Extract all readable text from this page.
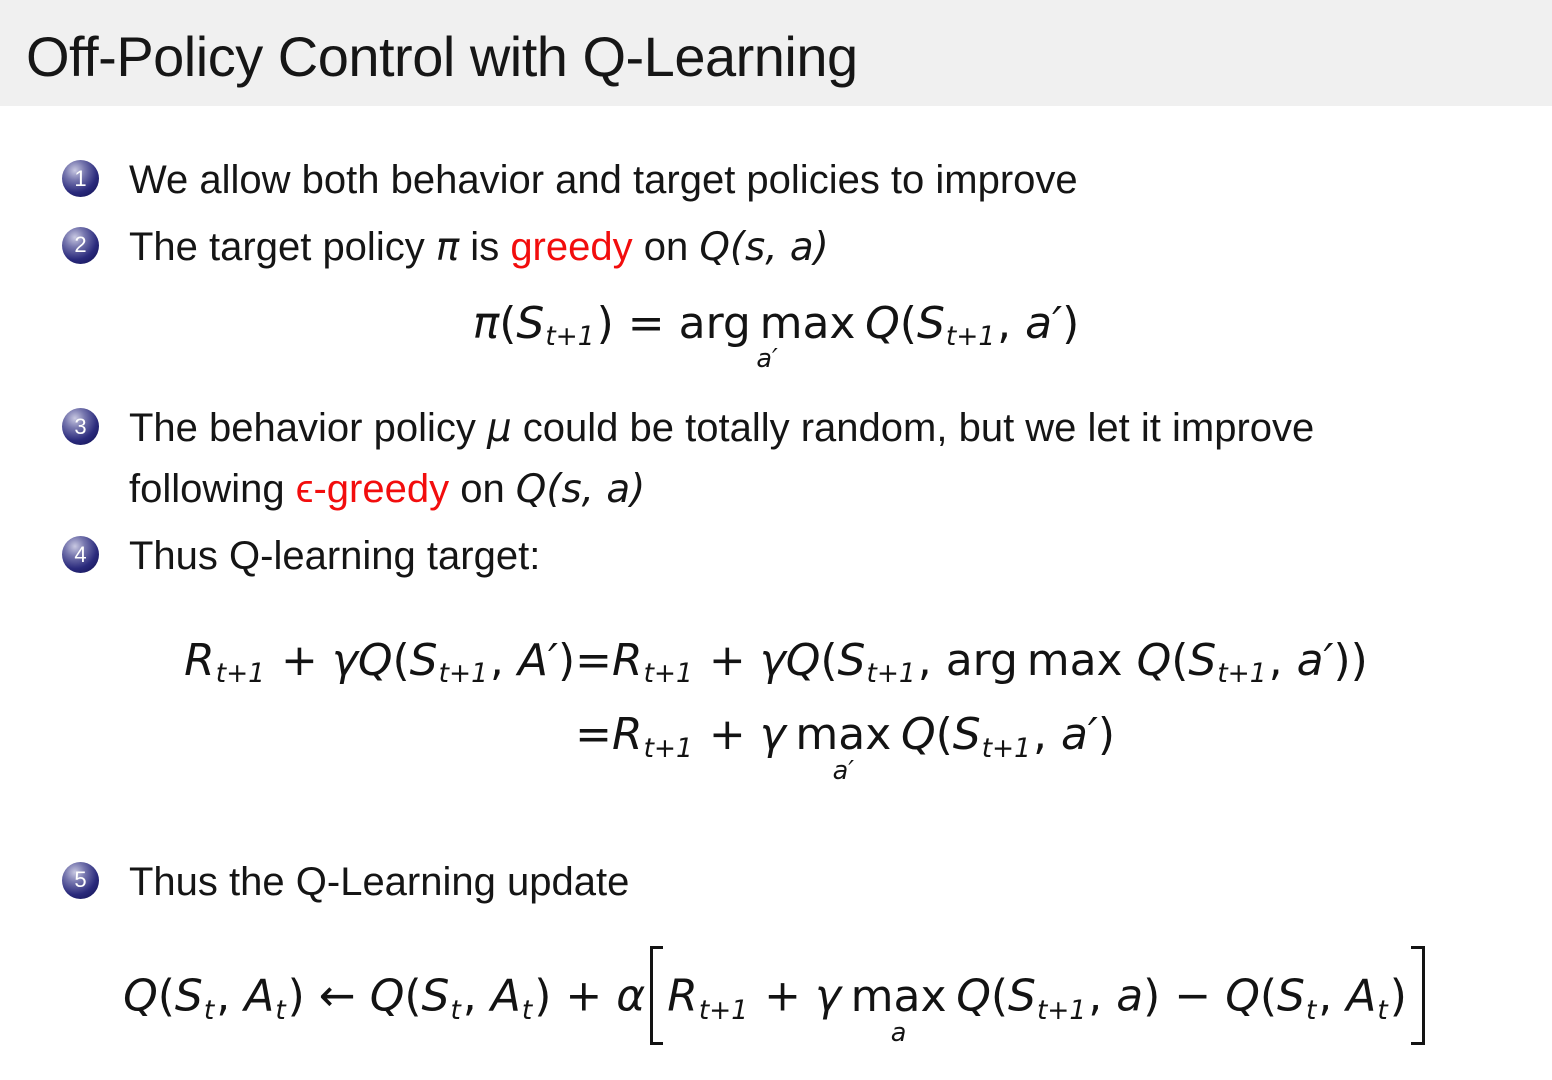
Off-Policy Control with Q-Learning
1 We allow both behavior and target policies to improve
2 The target policy π is greedy on Q(s, a)
π(St+1) = arg max
a′
Q(St+1, a′)
3 The behavior policy μ could be totally random, but we let it improve
following ϵ-greedy on Q(s, a)
4 Thus Q-learning target:
Rt+1 + γQ(St+1, A′)	=Rt+1 + γQ(St+1, arg max Q(St+1, a′))
	=Rt+1 + γ max
a′
Q(St+1, a′)
5 Thus the Q-Learning update
Q(St, At) ← Q(St, At) + α Rt+1 + γ max
a
Q(St+1, a) − Q(St, At)
